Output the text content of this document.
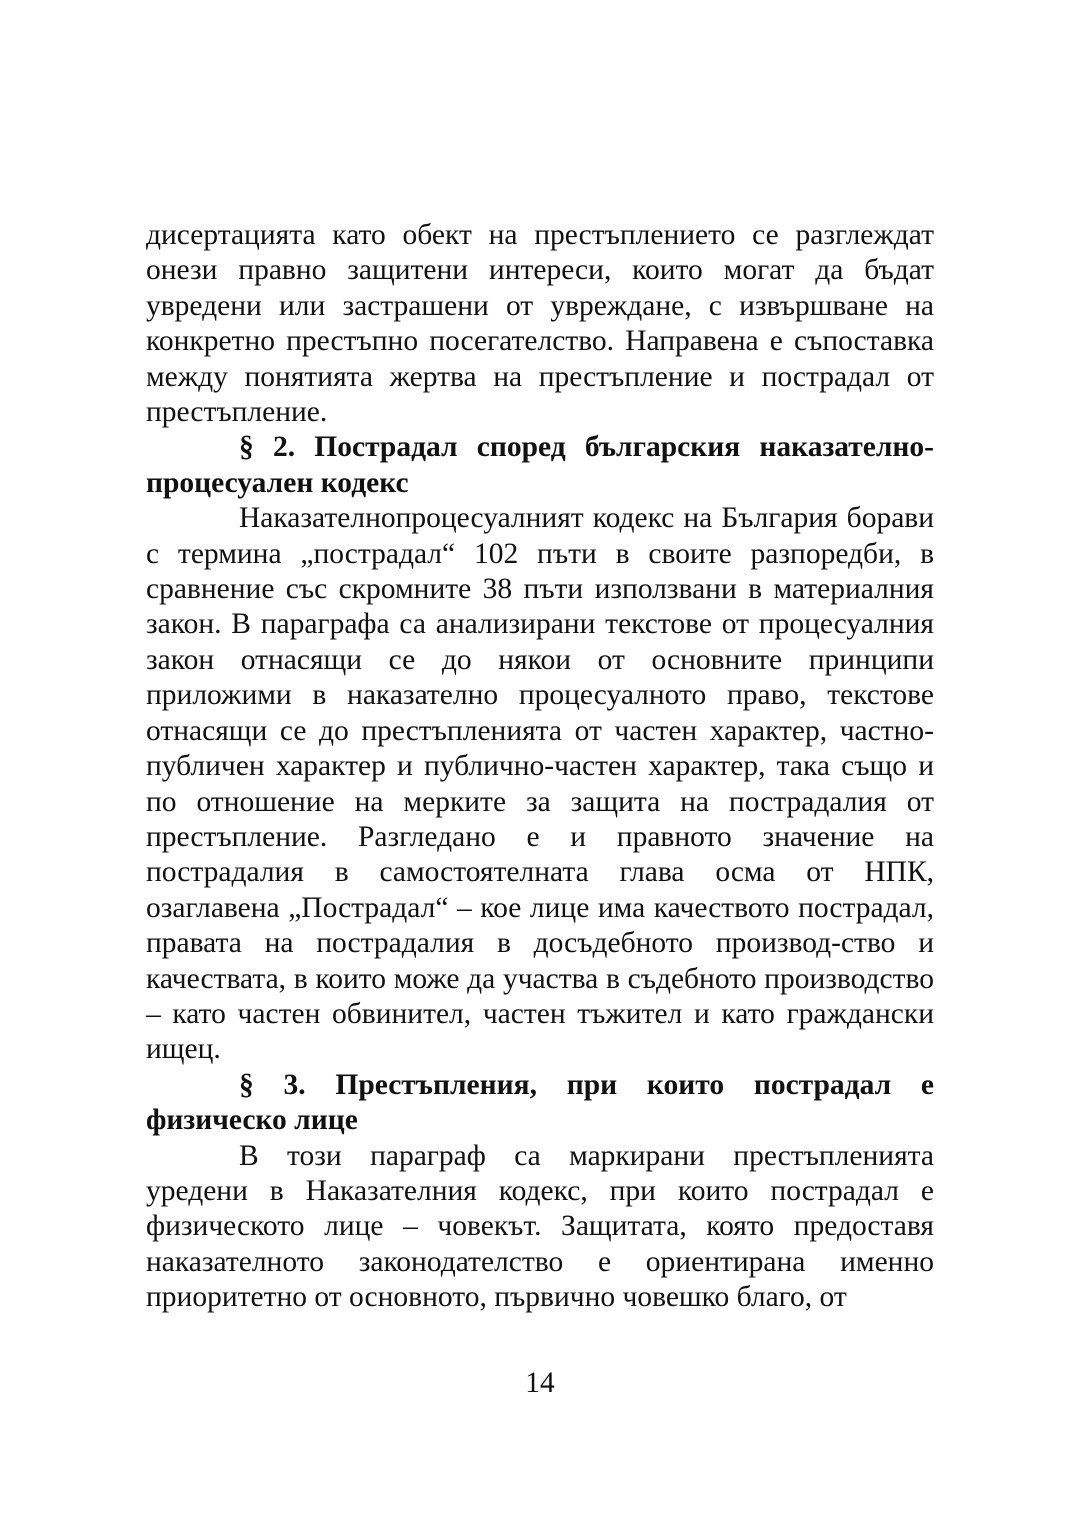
дисертацията като обект на престъплението се разглеждат онези правно защитени интереси, които могат да бъдат увредени или застрашени от увреждане, с извършване на конкретно престъпно посегателство. Направена е съпоставка между понятията жертва на престъпление и пострадал от престъпление.

§ 2. Пострадал според българския наказателно-процесуален кодекс

Наказателнопроцесуалният кодекс на България борави с термина „пострадал“ 102 пъти в своите разпоредби, в сравнение със скромните 38 пъти използвани в материалния закон. В параграфа са анализирани текстове от процесуалния закон отнасящи се до някои от основните принципи приложими в наказателно процесуалното право, текстове отнасящи се до престъпленията от частен характер, частно-публичен характер и публично-частен характер, така също и по отношение на мерките за защита на пострадалия от престъпление. Разгледано е и правното значение на пострадалия в самостоятелната глава осма от НПК, озаглавена „Пострадал“ – кое лице има качеството пострадал, правата на пострадалия в досъдебното производ-ство и качествата, в които може да участва в съдебното производство – като частен обвинител, частен тъжител и като граждански ищец.

§ 3. Престъпления, при които пострадал е физическо лице

В този параграф са маркирани престъпленията уредени в Наказателния кодекс, при които пострадал е физическото лице – човекът. Защитата, която предоставя наказателното законодателство е ориентирана именно приоритетно от основното, първично човешко благо, от

14
